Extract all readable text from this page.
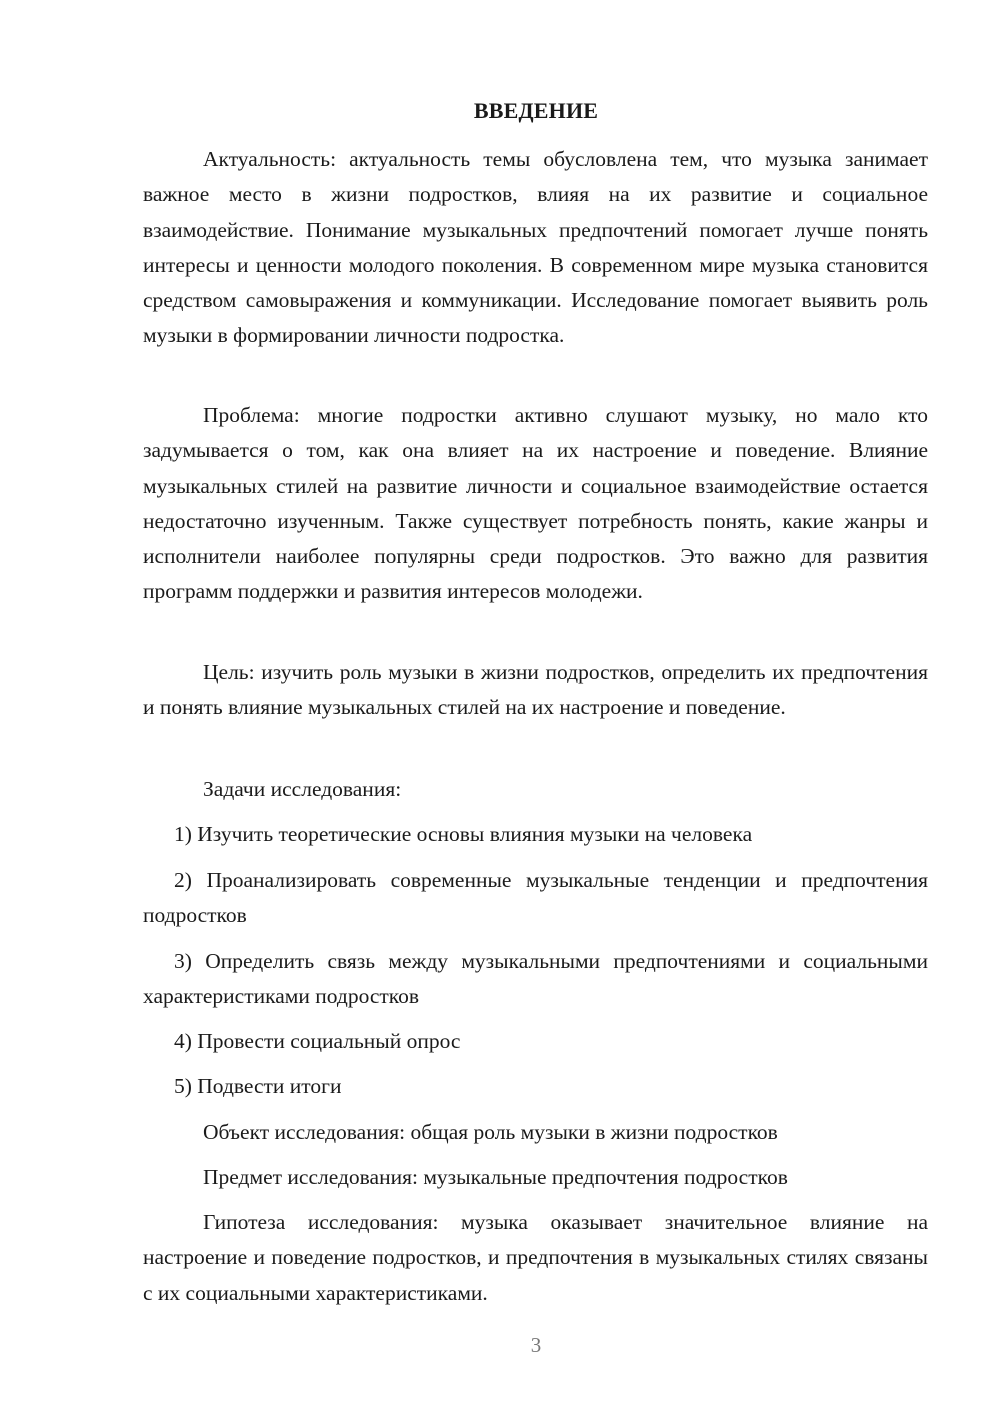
ВВЕДЕНИЕ

Актуальность: актуальность темы обусловлена тем, что музыка занимает важное место в жизни подростков, влияя на их развитие и социальное взаимодействие. Понимание музыкальных предпочтений помогает лучше понять интересы и ценности молодого поколения. В современном мире музыка становится средством самовыражения и коммуникации. Исследование помогает выявить роль музыки в формировании личности подростка.

Проблема: многие подростки активно слушают музыку, но мало кто задумывается о том, как она влияет на их настроение и поведение. Влияние музыкальных стилей на развитие личности и социальное взаимодействие остается недостаточно изученным. Также существует потребность понять, какие жанры и исполнители наиболее популярны среди подростков. Это важно для развития программ поддержки и развития интересов молодежи.

Цель: изучить роль музыки в жизни подростков, определить их предпочтения и понять влияние музыкальных стилей на их настроение и поведение.

Задачи исследования:

1) Изучить теоретические основы влияния музыки на человека

2) Проанализировать современные музыкальные тенденции и предпочтения подростков

3) Определить связь между музыкальными предпочтениями и социальными характеристиками подростков

4) Провести социальный опрос

5) Подвести итоги

Объект исследования: общая роль музыки в жизни подростков

Предмет исследования: музыкальные предпочтения подростков

Гипотеза исследования: музыка оказывает значительное влияние на настроение и поведение подростков, и предпочтения в музыкальных стилях связаны с их социальными характеристиками.

3
